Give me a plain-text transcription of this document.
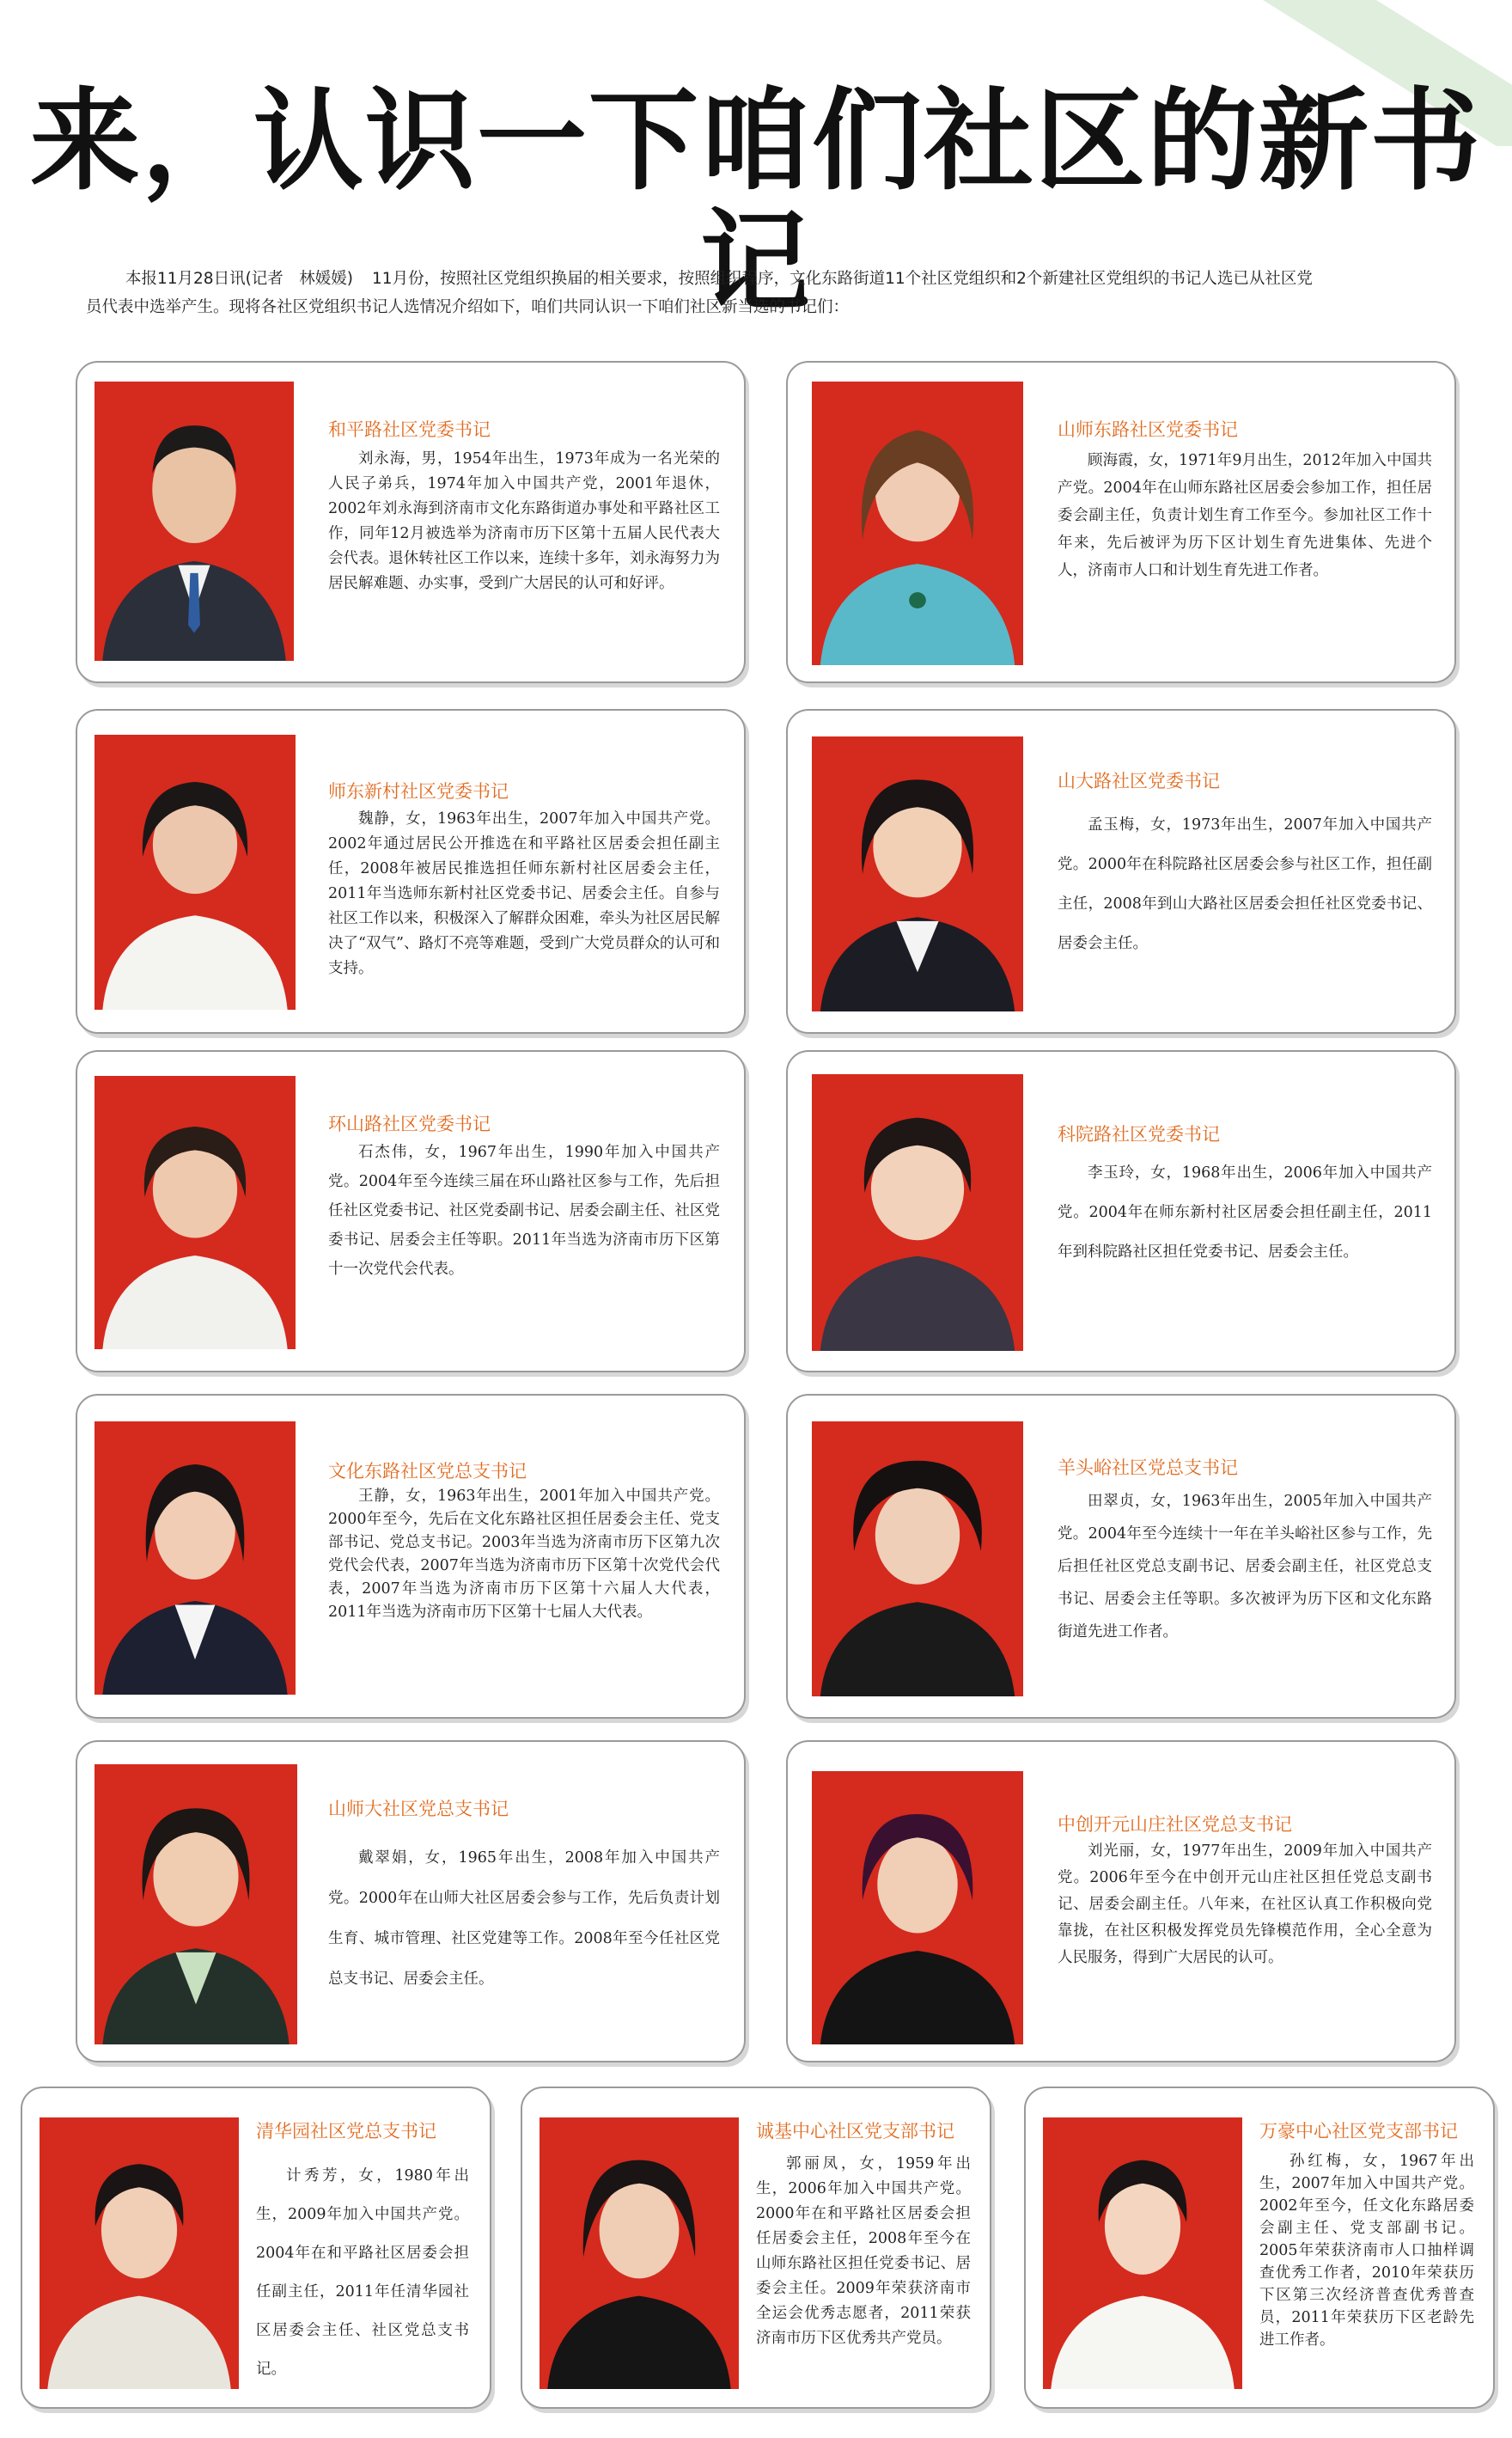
来，认识一下咱们社区的新书记

本报11月28日讯(记者　林媛媛) 11月份，按照社区党组织换届的相关要求，按照组织程序，文化东路街道11个社区党组织和2个新建社区党组织的书记人选已从社区党员代表中选举产生。现将各社区党组织书记人选情况介绍如下，咱们共同认识一下咱们社区新当选的书记们：

和平路社区党委书记

刘永海，男，1954年出生，1973年成为一名光荣的人民子弟兵，1974年加入中国共产党，2001年退休，2002年刘永海到济南市文化东路街道办事处和平路社区工作，同年12月被选举为济南市历下区第十五届人民代表大会代表。退休转社区工作以来，连续十多年，刘永海努力为居民解难题、办实事，受到广大居民的认可和好评。

山师东路社区党委书记

顾海霞，女，1971年9月出生，2012年加入中国共产党。2004年在山师东路社区居委会参加工作，担任居委会副主任，负责计划生育工作至今。参加社区工作十年来，先后被评为历下区计划生育先进集体、先进个人，济南市人口和计划生育先进工作者。

师东新村社区党委书记

魏静，女，1963年出生，2007年加入中国共产党。2002年通过居民公开推选在和平路社区居委会担任副主任，2008年被居民推选担任师东新村社区居委会主任，2011年当选师东新村社区党委书记、居委会主任。自参与社区工作以来，积极深入了解群众困难，牵头为社区居民解决了“双气”、路灯不亮等难题，受到广大党员群众的认可和支持。

山大路社区党委书记

孟玉梅，女，1973年出生，2007年加入中国共产党。2000年在科院路社区居委会参与社区工作，担任副主任，2008年到山大路社区居委会担任社区党委书记、居委会主任。

环山路社区党委书记

石杰伟，女，1967年出生，1990年加入中国共产党。2004年至今连续三届在环山路社区参与工作，先后担任社区党委书记、社区党委副书记、居委会副主任、社区党委书记、居委会主任等职。2011年当选为济南市历下区第十一次党代会代表。

科院路社区党委书记

李玉玲，女，1968年出生，2006年加入中国共产党。2004年在师东新村社区居委会担任副主任，2011年到科院路社区担任党委书记、居委会主任。

文化东路社区党总支书记

王静，女，1963年出生，2001年加入中国共产党。2000年至今，先后在文化东路社区担任居委会主任、党支部书记、党总支书记。2003年当选为济南市历下区第九次党代会代表，2007年当选为济南市历下区第十次党代会代表，2007年当选为济南市历下区第十六届人大代表，2011年当选为济南市历下区第十七届人大代表。

羊头峪社区党总支书记

田翠贞，女，1963年出生，2005年加入中国共产党。2004年至今连续十一年在羊头峪社区参与工作，先后担任社区党总支副书记、居委会副主任，社区党总支书记、居委会主任等职。多次被评为历下区和文化东路街道先进工作者。

山师大社区党总支书记

戴翠娟，女，1965年出生，2008年加入中国共产党。2000年在山师大社区居委会参与工作，先后负责计划生育、城市管理、社区党建等工作。2008年至今任社区党总支书记、居委会主任。

中创开元山庄社区党总支书记

刘光丽，女，1977年出生，2009年加入中国共产党。2006年至今在中创开元山庄社区担任党总支副书记、居委会副主任。八年来，在社区认真工作积极向党靠拢，在社区积极发挥党员先锋模范作用，全心全意为人民服务，得到广大居民的认可。

清华园社区党总支书记

计秀芳，女，1980年出生，2009年加入中国共产党。2004年在和平路社区居委会担任副主任，2011年任清华园社区居委会主任、社区党总支书记。

诚基中心社区党支部书记

郭丽凤，女，1959年出生，2006年加入中国共产党。2000年在和平路社区居委会担任居委会主任，2008年至今在山师东路社区担任党委书记、居委会主任。2009年荣获济南市全运会优秀志愿者，2011荣获济南市历下区优秀共产党员。

万豪中心社区党支部书记

孙红梅，女，1967年出生，2007年加入中国共产党。2002年至今，任文化东路居委会副主任、党支部副书记。2005年荣获济南市人口抽样调查优秀工作者，2010年荣获历下区第三次经济普查优秀普查员，2011年荣获历下区老龄先进工作者。
